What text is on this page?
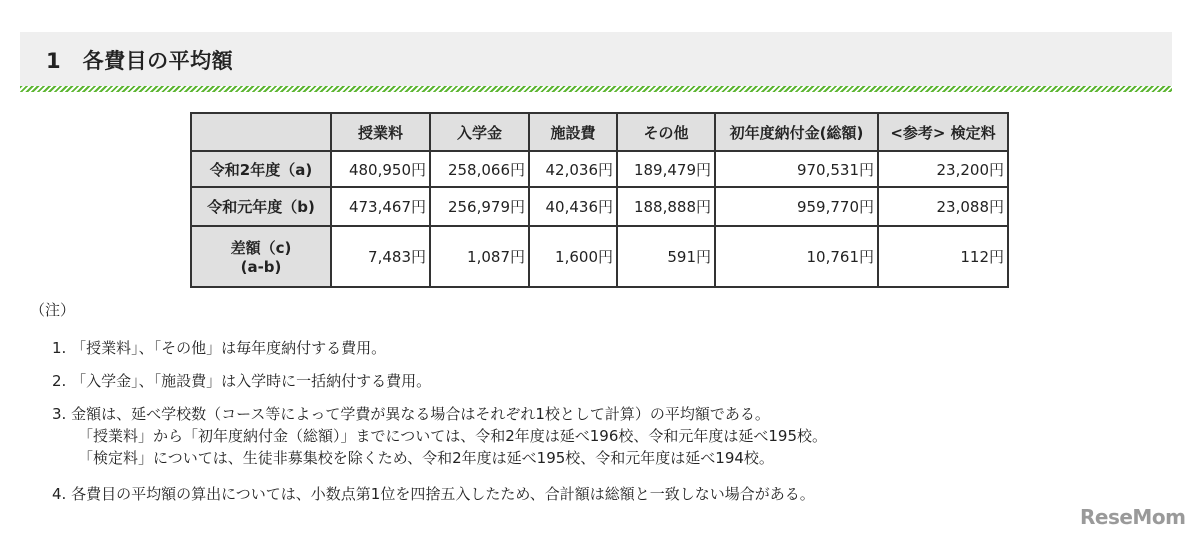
1　各費目の平均額
	授業料	入学金	施設費	その他	初年度納付金(総額)	<参考> 検定料
令和2年度（a)	480,950円	258,066円	42,036円	189,479円	970,531円	23,200円
令和元年度（b)	473,467円	256,979円	40,436円	188,888円	959,770円	23,088円
差額（c)
(a-b)	7,483円	1,087円	1,600円	591円	10,761円	112円
（注）
1. 「授業料」、「その他」は毎年度納付する費用。
2. 「入学金」、「施設費」は入学時に一括納付する費用。
3. 金額は、延べ学校数（コース等によって学費が異なる場合はそれぞれ1校として計算）の平均額である。
「授業料」から「初年度納付金（総額）」までについては、令和2年度は延べ196校、令和元年度は延べ195校。
「検定料」については、生徒非募集校を除くため、令和2年度は延べ195校、令和元年度は延べ194校。
4. 各費目の平均額の算出については、小数点第1位を四捨五入したため、合計額は総額と一致しない場合がある。
ReseMom
